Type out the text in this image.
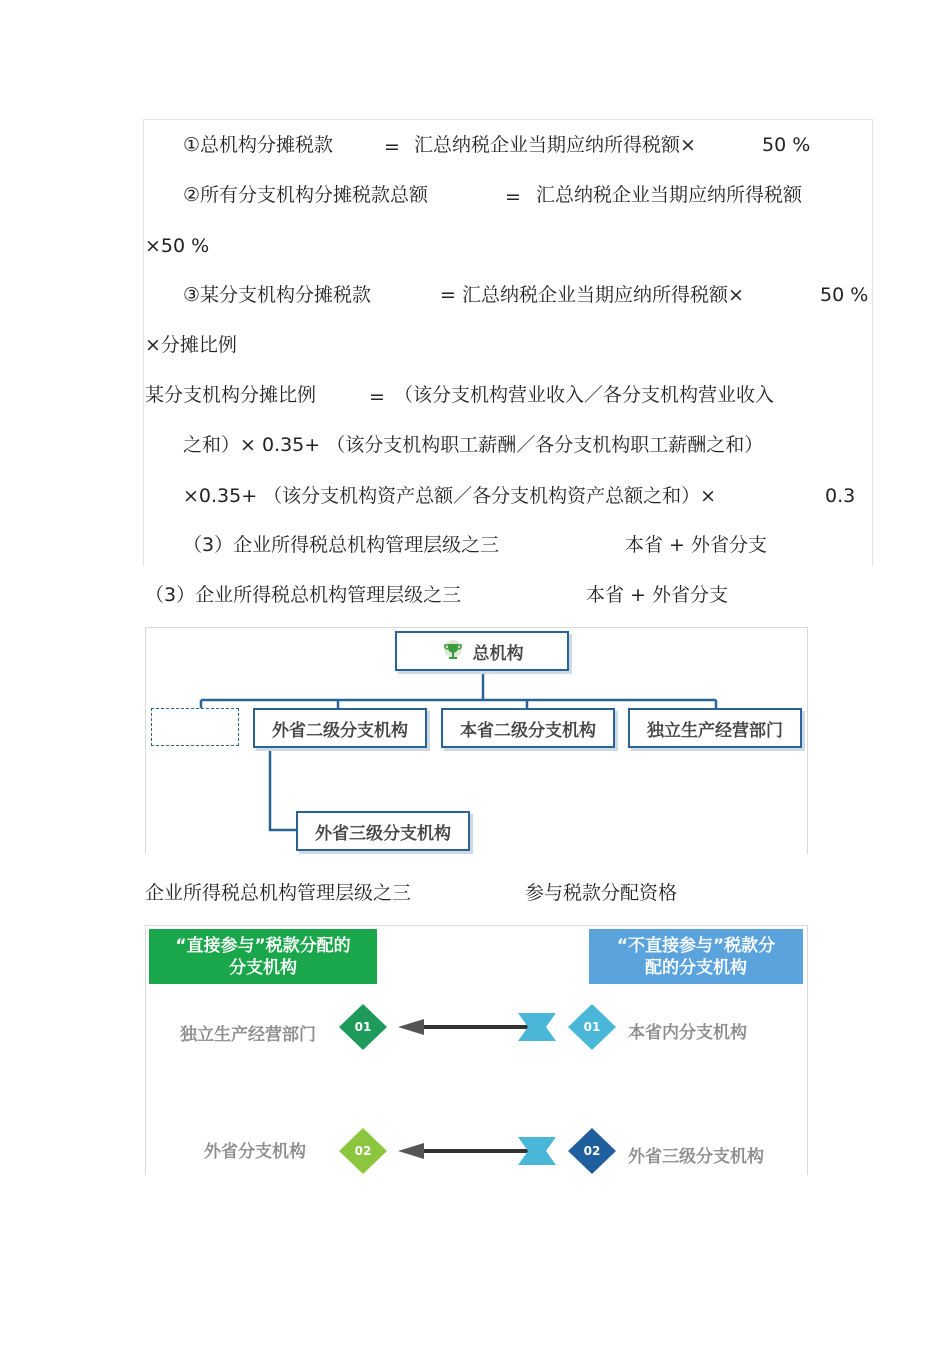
①总机构分摊税款	= 汇总纳税企业当期应纳所得税额×	50 %
②所有分支机构分摊税款总额	= 汇总纳税企业当期应纳所得税额
×50 %
③某分支机构分摊税款	= 汇总纳税企业当期应纳所得税额×	50 %
×分摊比例
某分支机构分摊比例	= （该分支机构营业收入／各分支机构营业收入
之和）× 0.35+ （该分支机构职工薪酬／各分支机构职工薪酬之和）
×0.35+ （该分支机构资产总额／各分支机构资产总额之和）×	0.3
（3）企业所得税总机构管理层级之三	本省 + 外省分支
（3）企业所得税总机构管理层级之三	本省 + 外省分支
总机构
外省二级分支机构	本省二级分支机构	独立生产经营部门
外省三级分支机构
企业所得税总机构管理层级之三	参与税款分配资格
“直接参与”税款分配的
分支机构
“不直接参与”税款分
配的分支机构
01	01
02	02
独立生产经营部门	本省内分支机构
外省分支机构	外省三级分支机构
